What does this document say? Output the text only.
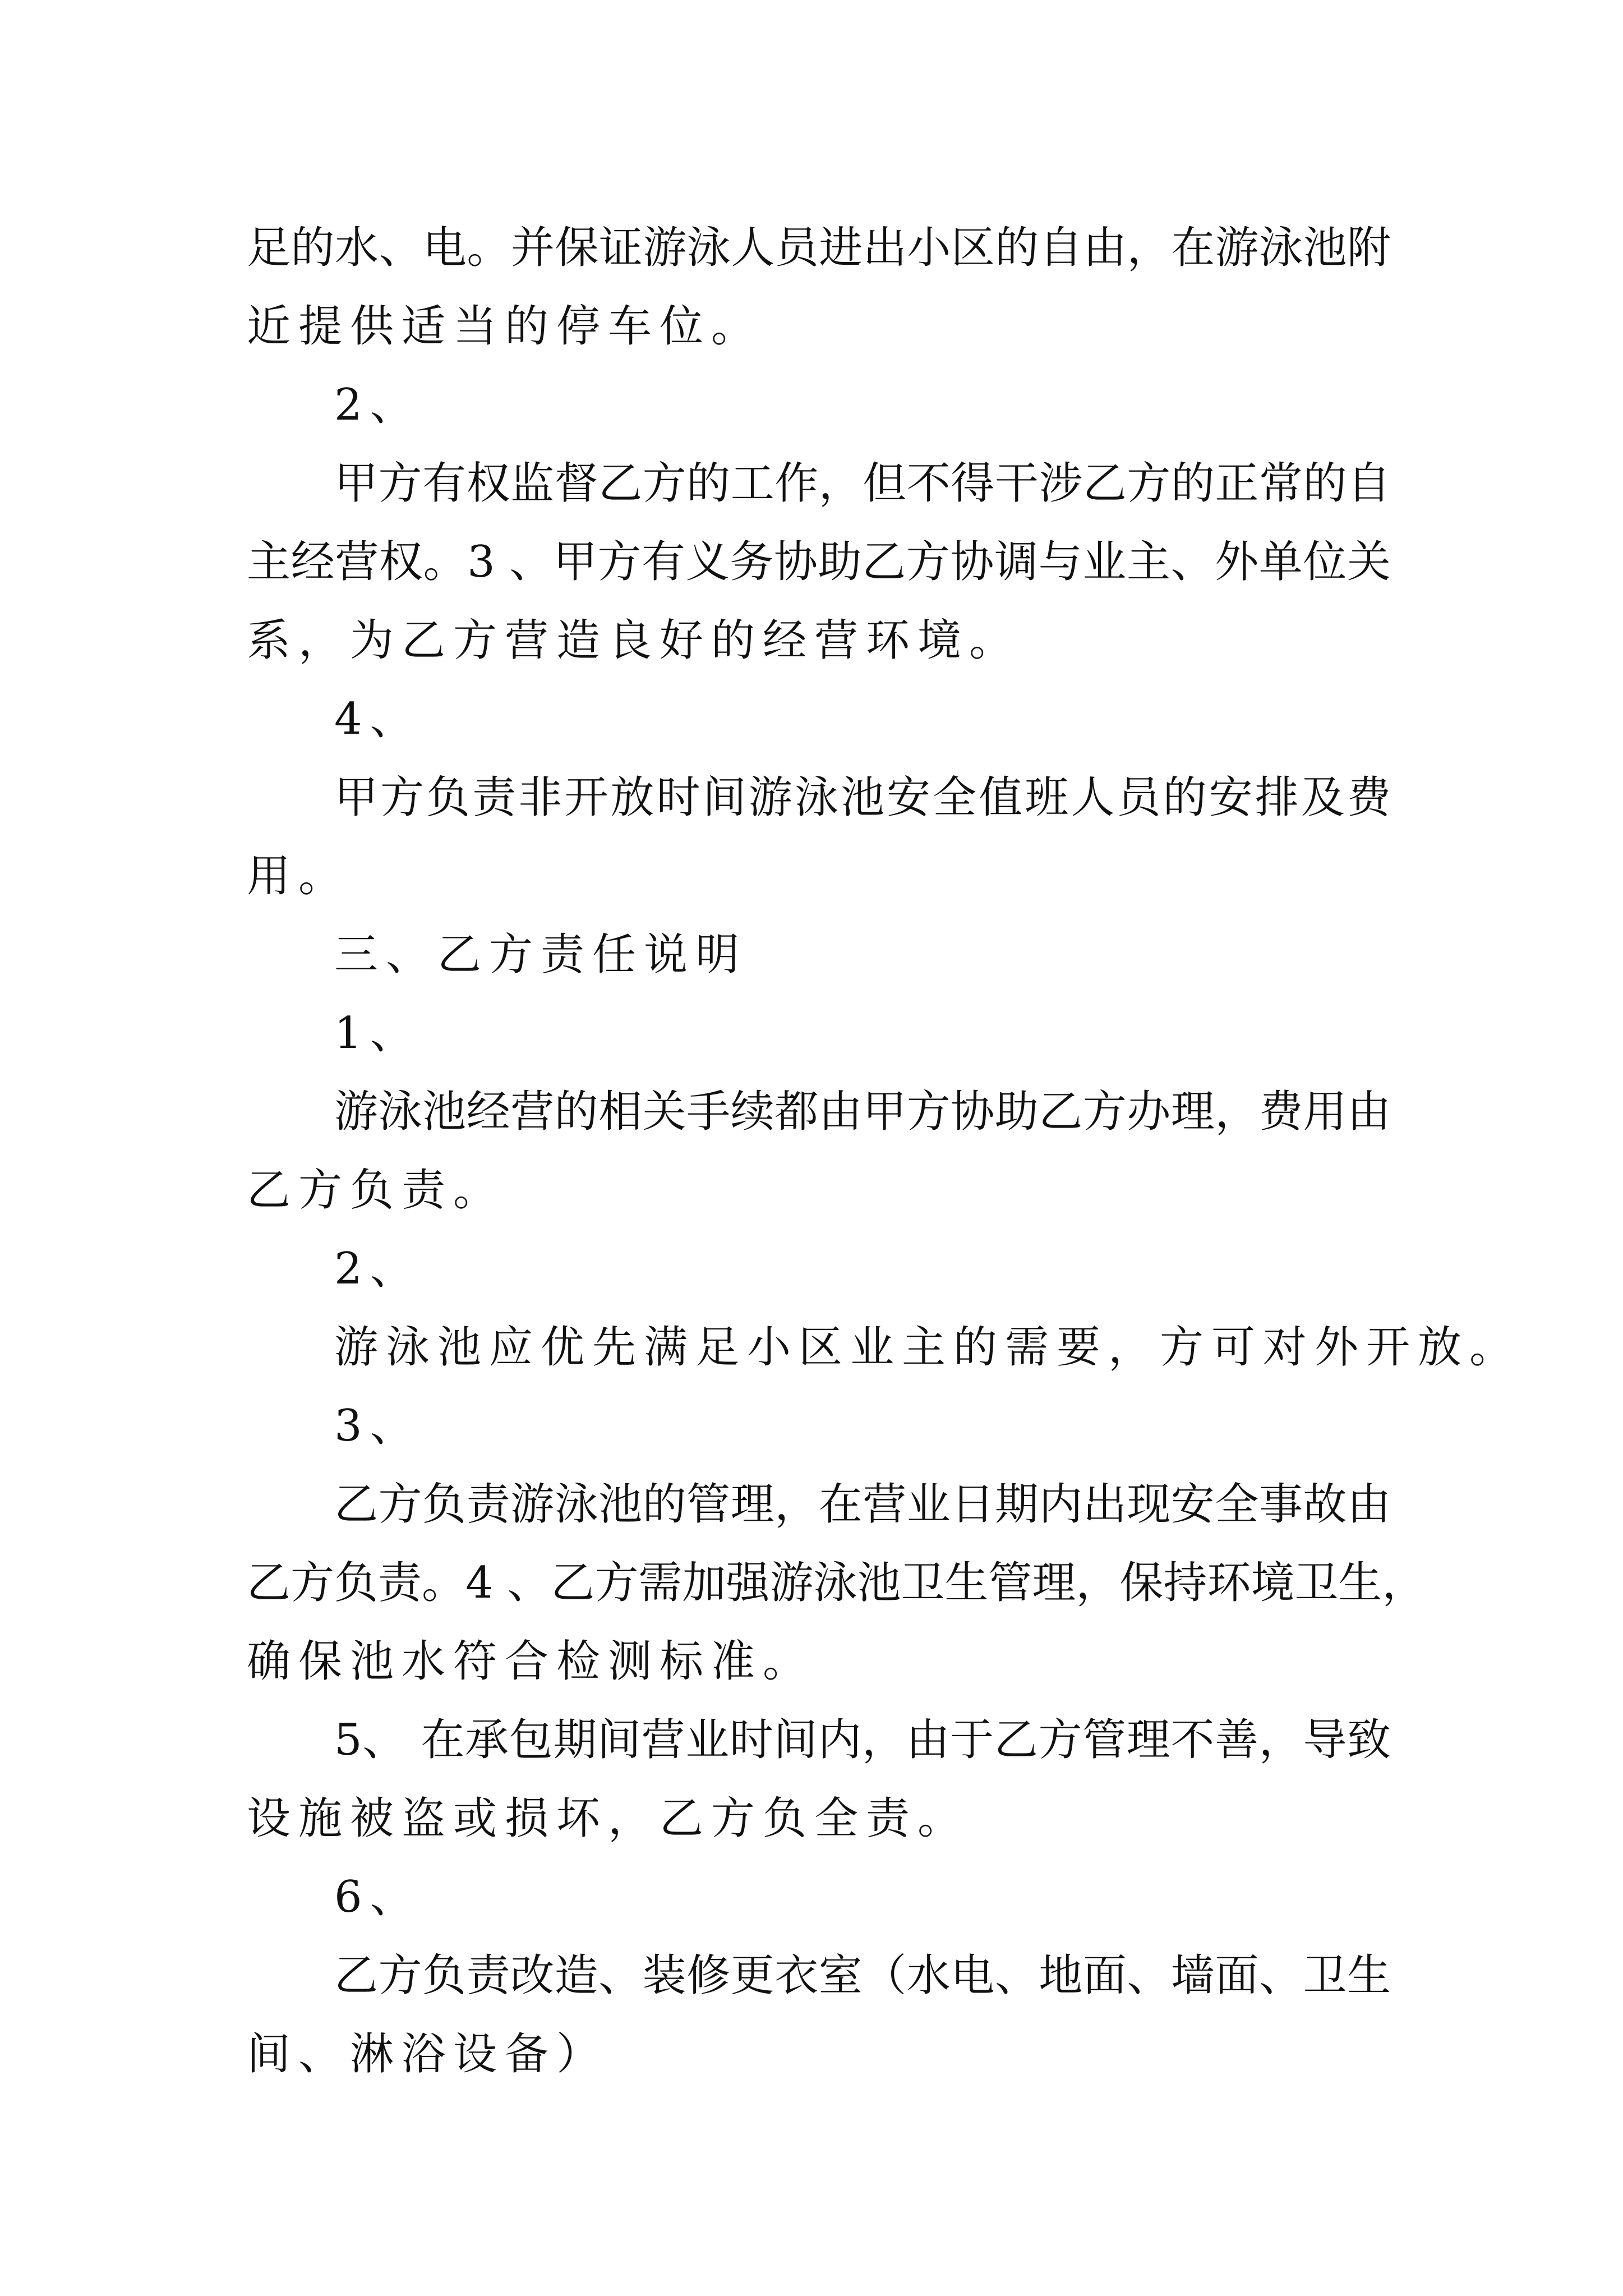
足的水、电。并保证游泳人员进出小区的自由，在游泳池附
近提供适当的停车位。
2、
甲方有权监督乙方的工作，但不得干涉乙方的正常的自
主经营权。3 、甲方有义务协助乙方协调与业主、外单位关
系，为乙方营造良好的经营环境。
4、
甲方负责非开放时间游泳池安全值班人员的安排及费
用。
三、乙方责任说明
1、
游泳池经营的相关手续都由甲方协助乙方办理，费用由
乙方负责。
2、
游泳池应优先满足小区业主的需要，方可对外开放。
3、
乙方负责游泳池的管理，在营业日期内出现安全事故由
乙方负责。4 、乙方需加强游泳池卫生管理，保持环境卫生，
确保池水符合检测标准。
5、 在承包期间营业时间内，由于乙方管理不善，导致
设施被盗或损坏，乙方负全责。
6、
乙方负责改造、装修更衣室（水电、地面、墙面、卫生
间、淋浴设备）
